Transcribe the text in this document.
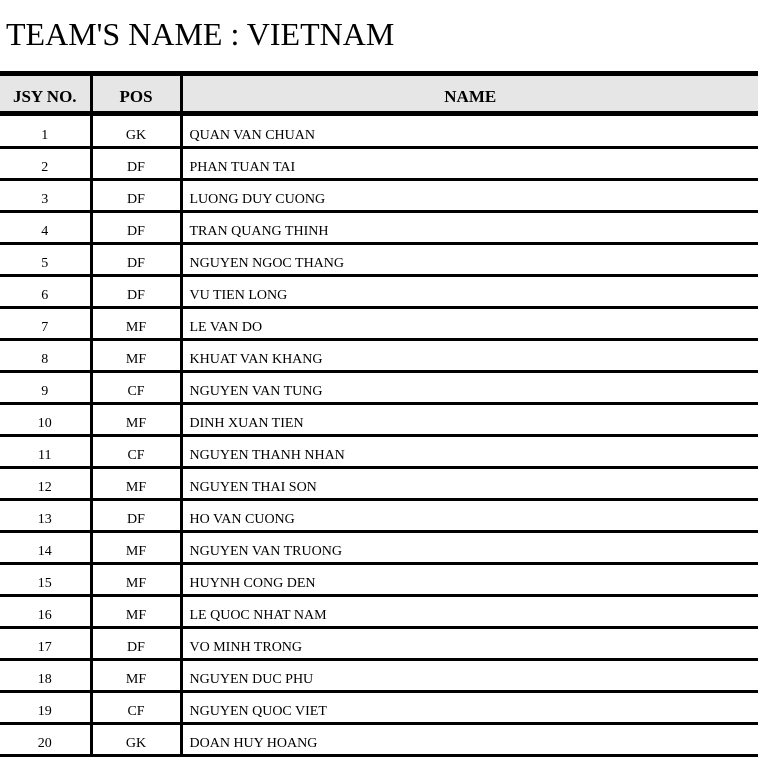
TEAM'S NAME : VIETNAM
JSY NO.	POS	NAME
1	GK	QUAN VAN CHUAN
2	DF	PHAN TUAN TAI
3	DF	LUONG DUY CUONG
4	DF	TRAN QUANG THINH
5	DF	NGUYEN NGOC THANG
6	DF	VU TIEN LONG
7	MF	LE VAN DO
8	MF	KHUAT VAN KHANG
9	CF	NGUYEN VAN TUNG
10	MF	DINH XUAN TIEN
11	CF	NGUYEN THANH NHAN
12	MF	NGUYEN THAI SON
13	DF	HO VAN CUONG
14	MF	NGUYEN VAN TRUONG
15	MF	HUYNH CONG DEN
16	MF	LE QUOC NHAT NAM
17	DF	VO MINH TRONG
18	MF	NGUYEN DUC PHU
19	CF	NGUYEN QUOC VIET
20	GK	DOAN HUY HOANG
